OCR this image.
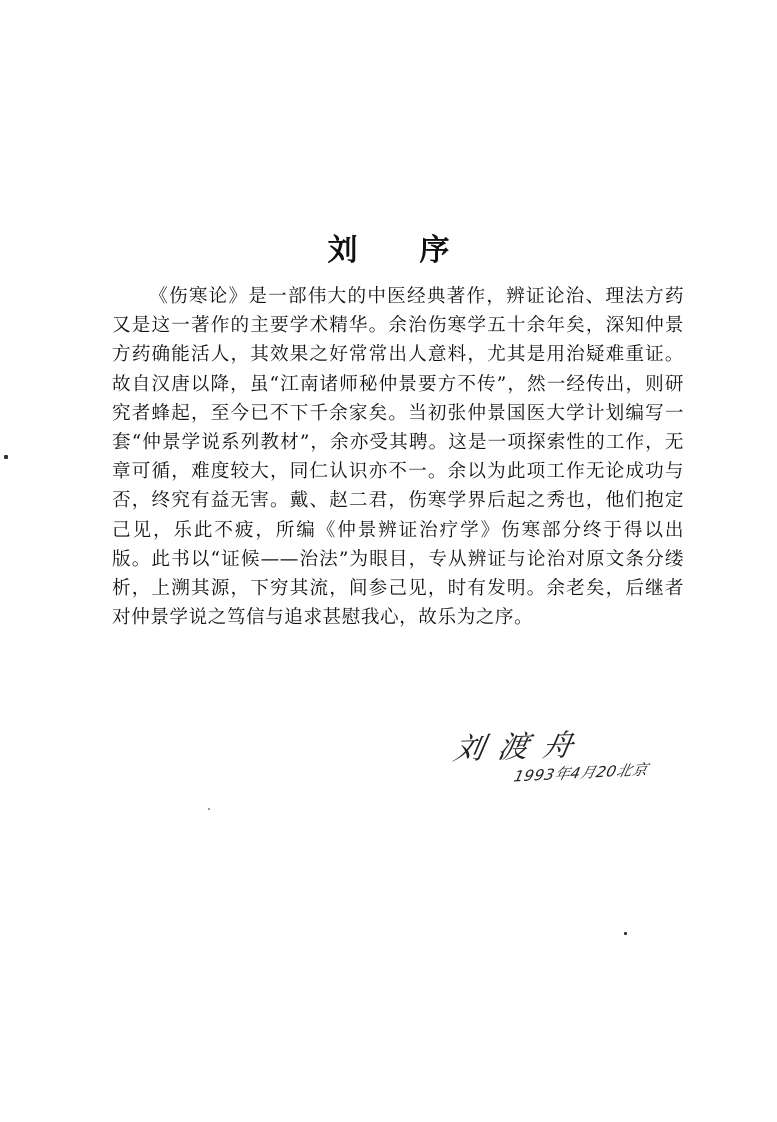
刘 序

《伤寒论》是一部伟大的中医经典著作，辨证论治、理法方药又是这一著作的主要学术精华。余治伤寒学五十余年矣，深知仲景方药确能活人，其效果之好常常出人意料，尤其是用治疑难重证。故自汉唐以降，虽“江南诸师秘仲景要方不传”，然一经传出，则研究者蜂起，至今已不下千余家矣。当初张仲景国医大学计划编写一套“仲景学说系列教材”，余亦受其聘。这是一项探索性的工作，无章可循，难度较大，同仁认识亦不一。余以为此项工作无论成功与否，终究有益无害。戴、赵二君，伤寒学界后起之秀也，他们抱定己见，乐此不疲，所编《仲景辨证治疗学》伤寒部分终于得以出版。此书以“证候——治法”为眼目，专从辨证与论治对原文条分缕析，上溯其源，下穷其流，间参己见，时有发明。余老矣，后继者对仲景学说之笃信与追求甚慰我心，故乐为之序。

刘渡舟
1993年4月20北京
